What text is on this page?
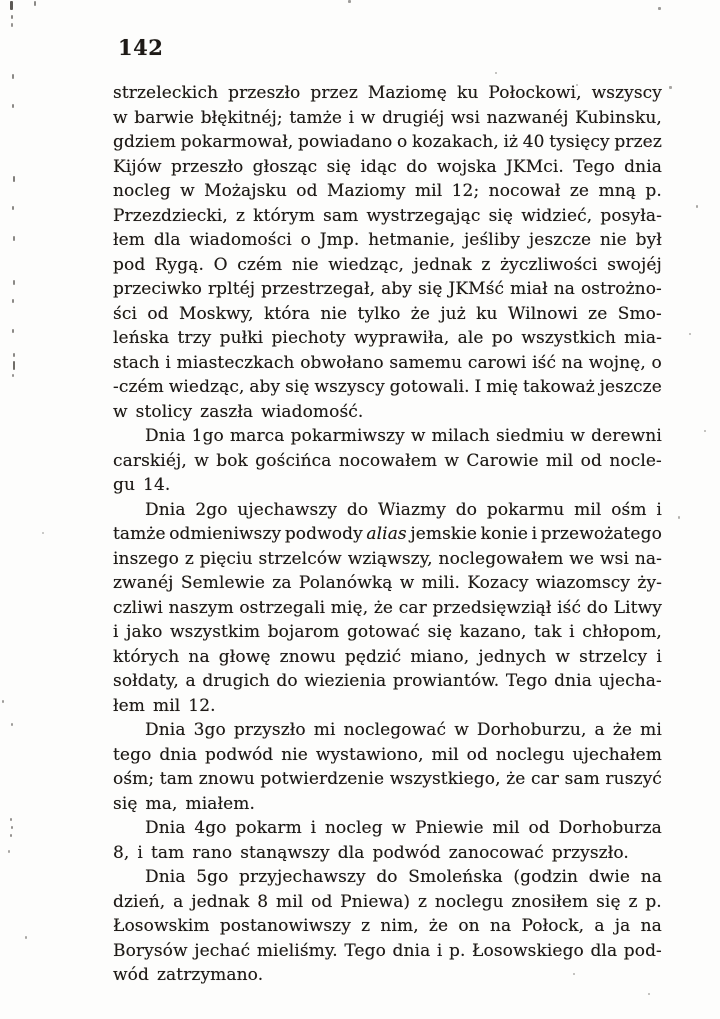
142
strzeleckich przeszło przez Maziomę ku Połockowi, wszyscy
w barwie błękitnéj; tamże i w drugiéj wsi nazwanéj Kubinsku,
gdziem pokarmował, powiadano o kozakach, iż 40 tysięcy przez
Kijów przeszło głosząc się idąc do wojska JKMci. Tego dnia
nocleg w Możajsku od Maziomy mil 12; nocował ze mną p.
Przezdziecki, z którym sam wystrzegając się widzieć, posyła-
łem dla wiadomości o Jmp. hetmanie, jeśliby jeszcze nie był
pod Rygą. O czém nie wiedząc, jednak z życzliwości swojéj
przeciwko rpltéj przestrzegał, aby się JKMść miał na ostrożno-
ści od Moskwy, która nie tylko że już ku Wilnowi ze Smo-
leńska trzy pułki piechoty wyprawiła, ale po wszystkich mia-
stach i miasteczkach obwołano samemu carowi iść na wojnę, o
-czém wiedząc, aby się wszyscy gotowali. I mię takoważ jeszcze
w stolicy zaszła wiadomość.
Dnia 1go marca pokarmiwszy w milach siedmiu w derewni
carskiéj, w bok gościńca nocowałem w Carowie mil od nocle-
gu 14.
Dnia 2go ujechawszy do Wiazmy do pokarmu mil ośm i
tamże odmieniwszy podwody alias jemskie konie i przewożatego
inszego z pięciu strzelców wziąwszy, noclegowałem we wsi na-
zwanéj Semlewie za Polanówką w mili. Kozacy wiazomscy ży-
czliwi naszym ostrzegali mię, że car przedsięwziął iść do Litwy
i jako wszystkim bojarom gotować się kazano, tak i chłopom,
których na głowę znowu pędzić miano, jednych w strzelcy i
sołdaty, a drugich do wiezienia prowiantów. Tego dnia ujecha-
łem mil 12.
Dnia 3go przyszło mi noclegować w Dorhoburzu, a że mi
tego dnia podwód nie wystawiono, mil od noclegu ujechałem
ośm; tam znowu potwierdzenie wszystkiego, że car sam ruszyć
się ma, miałem.
Dnia 4go pokarm i nocleg w Pniewie mil od Dorhoburza
8, i tam rano stanąwszy dla podwód zanocować przyszło.
Dnia 5go przyjechawszy do Smoleńska (godzin dwie na
dzień, a jednak 8 mil od Pniewa) z noclegu znosiłem się z p.
Łosowskim postanowiwszy z nim, że on na Połock, a ja na
Borysów jechać mieliśmy. Tego dnia i p. Łosowskiego dla pod-
wód zatrzymano.
